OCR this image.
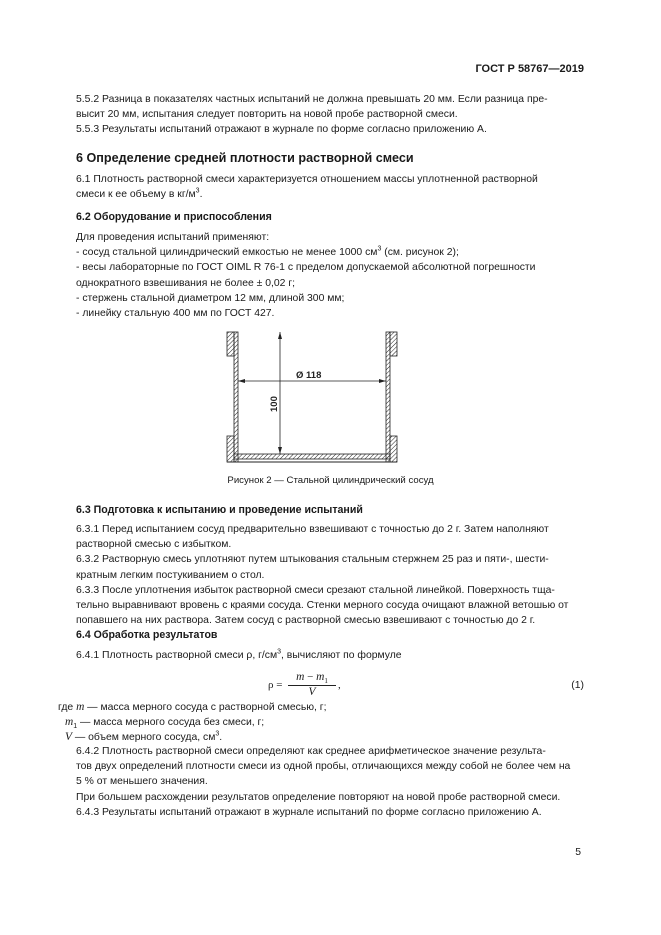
ГОСТ Р 58767—2019

5.5.2 Разница в показателях частных испытаний не должна превышать 20 мм. Если разница пре-

высит 20 мм, испытания следует повторить на новой пробе растворной смеси.

5.5.3 Результаты испытаний отражают в журнале по форме согласно приложению А.

6 Определение средней плотности растворной смеси

6.1 Плотность растворной смеси характеризуется отношением массы уплотненной растворной

смеси к ее объему в $кг/м^3$.

6.2 Оборудование и приспособления

Для проведения испытаний применяют:

- сосуд стальной цилиндрический емкостью не менее 1000 $см^3$ (см. рисунок 2);

- весы лабораторные по ГОСТ OIML R 76-1 с пределом допускаемой абсолютной погрешности

однократного взвешивания не более ± 0,02 г;

- стержень стальной диаметром 12 мм, длиной 300 мм;

- линейку стальную 400 мм по ГОСТ 427.

Ø 118
100
Рисунок 2 — Стальной цилиндрический сосуд
6.3 Подготовка к испытанию и проведение испытаний

6.3.1 Перед испытанием сосуд предварительно взвешивают с точностью до 2 г. Затем наполняют

растворной смесью с избытком.

6.3.2 Растворную смесь уплотняют путем штыкования стальным стержнем 25 раз и пяти-, шести-

кратным легким постукиванием о стол.

6.3.3 После уплотнения избыток растворной смеси срезают стальной линейкой. Поверхность тща-

тельно выравнивают вровень с краями сосуда. Стенки мерного сосуда очищают влажной ветошью от

попавшего на них раствора. Затем сосуд с растворной смесью взвешивают с точностью до 2 г.

6.4 Обработка результатов

6.4.1 Плотность растворной смеси ρ, $г/см^3$, вычисляют по формуле

ρ =
$m - m_1$
V
,	(1)

где m — масса мерного сосуда с растворной смесью, г;

$m_1$ — масса мерного сосуда без смеси, г;

V — объем мерного сосуда, $см^3$.

6.4.2 Плотность растворной смеси определяют как среднее арифметическое значение результа-

тов двух определений плотности смеси из одной пробы, отличающихся между собой не более чем на

5 % от меньшего значения.

При большем расхождении результатов определение повторяют на новой пробе растворной смеси.

6.4.3 Результаты испытаний отражают в журнале испытаний по форме согласно приложению А.

5
